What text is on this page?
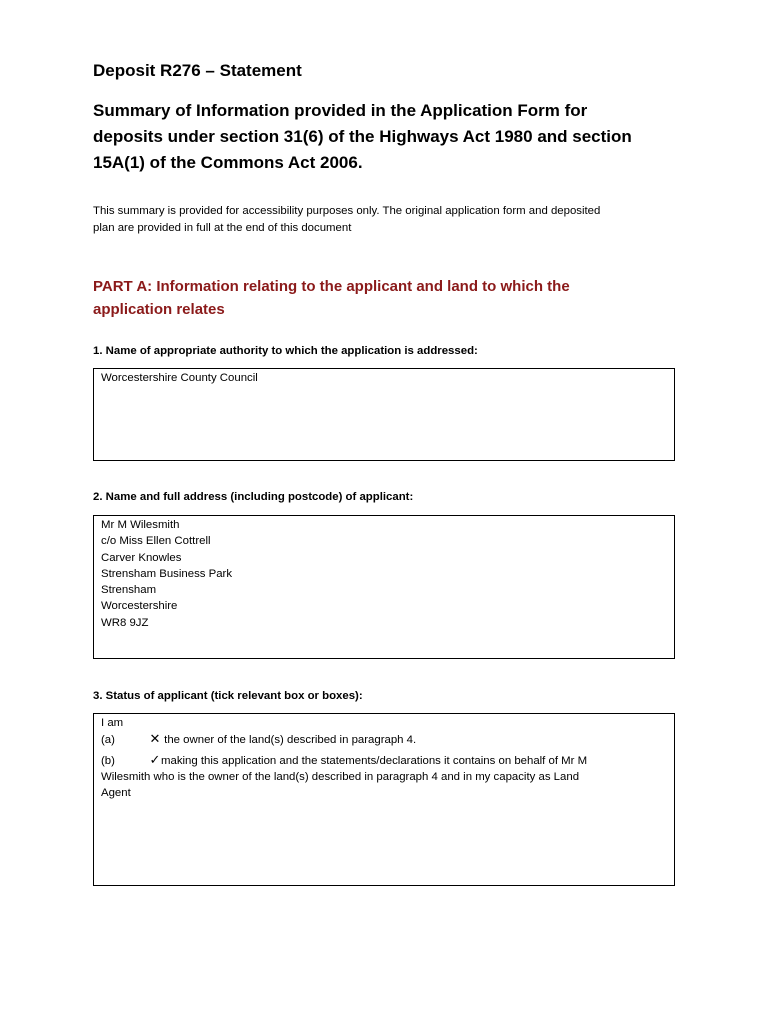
Deposit R276 – Statement
Summary of Information provided in the Application Form for
deposits under section 31(6) of the Highways Act 1980 and section
15A(1) of the Commons Act 2006.
This summary is provided for accessibility purposes only. The original application form and deposited
plan are provided in full at the end of this document
PART A: Information relating to the applicant and land to which the
application relates
1. Name of appropriate authority to which the application is addressed:
Worcestershire County Council
2. Name and full address (including postcode) of applicant:
Mr M Wilesmith
c/o Miss Ellen Cottrell
Carver Knowles
Strensham Business Park
Strensham
Worcestershire
WR8 9JZ
3. Status of applicant (tick relevant box or boxes):
I am
(a)	✕ the owner of the land(s) described in paragraph 4.
(b)	✓making this application and the statements/declarations it contains on behalf of Mr M
Wilesmith who is the owner of the land(s) described in paragraph 4 and in my capacity as Land
Agent
